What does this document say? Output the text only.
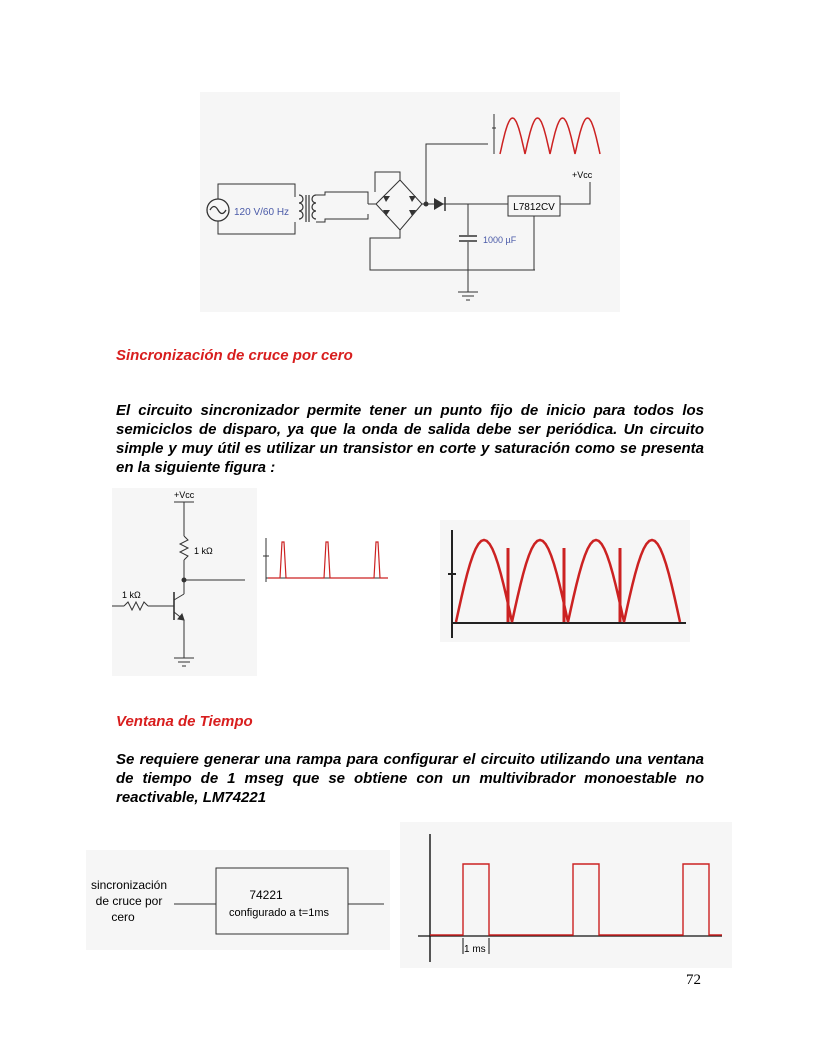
120 V/60 Hz
1000 µF
L7812CV
+Vcc
Sincronización de cruce por cero
El circuito sincronizador permite tener un punto fijo de inicio para todos los semiciclos de disparo, ya que la onda de salida debe ser periódica. Un circuito simple y muy útil es utilizar un transistor en corte y saturación como se presenta en la siguiente figura :
+Vcc
1 kΩ
1 kΩ
Ventana de Tiempo
Se requiere generar una rampa para configurar el circuito utilizando una ventana de tiempo de 1 mseg que se obtiene con un multivibrador monoestable no reactivable, LM74221
sincronización
de cruce por
cero
74221
configurado a t=1ms
1 ms
72
